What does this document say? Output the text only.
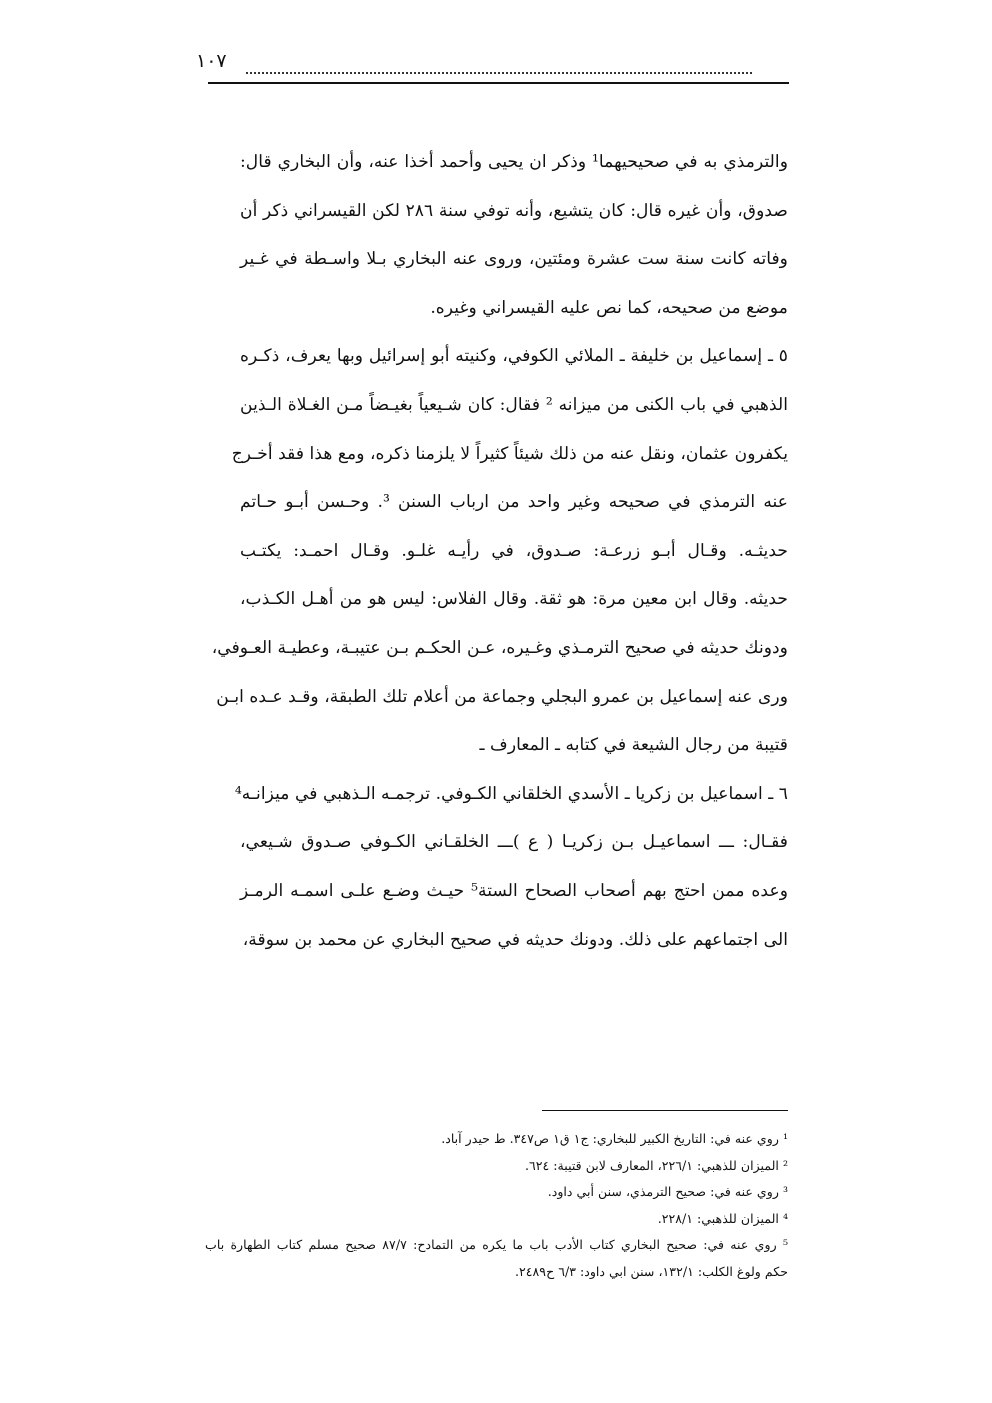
١٠٧
والترمذي به في صحيحيهما¹ وذكر ان يحيى وأحمد أخذا عنه، وأن البخاري قال:
صدوق، وأن غيره قال: كان يتشيع، وأنه توفي سنة ٢٨٦ لكن القيسراني ذكر أن
وفاته كانت سنة ست عشرة ومئتين، وروى عنه البخاري بـلا واسـطة في غـير
موضع من صحيحه، كما نص عليه القيسراني وغيره.
٥ ـ إسماعيل بن خليفة ـ الملائي الكوفي، وكنيته أبو إسرائيل وبها يعرف، ذكـره
الذهبي في باب الكنى من ميزانه ² فقال: كان شـيعياً بغيـضاً مـن الغـلاة الـذين
يكفرون عثمان، ونقل عنه من ذلك شيئاً كثيراً لا يلزمنا ذكره، ومع هذا فقد أخـرج
عنه الترمذي في صحيحه وغير واحد من ارباب السنن ³. وحـسن أبـو حـاتم
حديثـه. وقـال أبـو زرعـة: صـدوق، في رأيـه غلـو. وقـال احمـد: يكتـب
حديثه. وقال ابن معين مرة: هو ثقة. وقال الفلاس: ليس هو من أهـل الكـذب،
ودونك حديثه في صحيح الترمـذي وغـيره، عـن الحكـم بـن عتيبـة، وعطيـة العـوفي،
ورى عنه إسماعيل بن عمرو البجلي وجماعة من أعلام تلك الطبقة، وقـد عـده ابـن
قتيبة من رجال الشيعة في كتابه ـ المعارف ـ
٦ ـ اسماعيل بن زكريا ـ الأسدي الخلقاني الكـوفي. ترجمـه الـذهبي في ميزانـه⁴
فقـال: ـــ اسماعيـل بـن زكريـا ( ع )ـــ الخلقـاني الكـوفي صـدوق شـيعي،
وعده ممن احتج بهم أصحاب الصحاح الستة⁵ حيـث وضـع علـى اسمـه الرمـز
الى اجتماعهم على ذلك. ودونك حديثه في صحيح البخاري عن محمد بن سوقة،
¹ روي عنه في: التاريخ الكبير للبخاري: ج١ ق١ ص٣٤٧. ط حيدر آباد.
² الميزان للذهبي: ٢٢٦/١، المعارف لابن قتيبة: ٦٢٤.
³ روي عنه في: صحيح الترمذي، سنن أبي داود.
⁴ الميزان للذهبي: ٢٢٨/١.
⁵ روي عنه في: صحيح البخاري كتاب الأدب باب ما يكره من التمادح: ٨٧/٧ صحيح مسلم كتاب الطهارة باب
حكم ولوغ الكلب: ١٣٢/١، سنن ابي داود: ٦/٣ ح٢٤٨٩.
